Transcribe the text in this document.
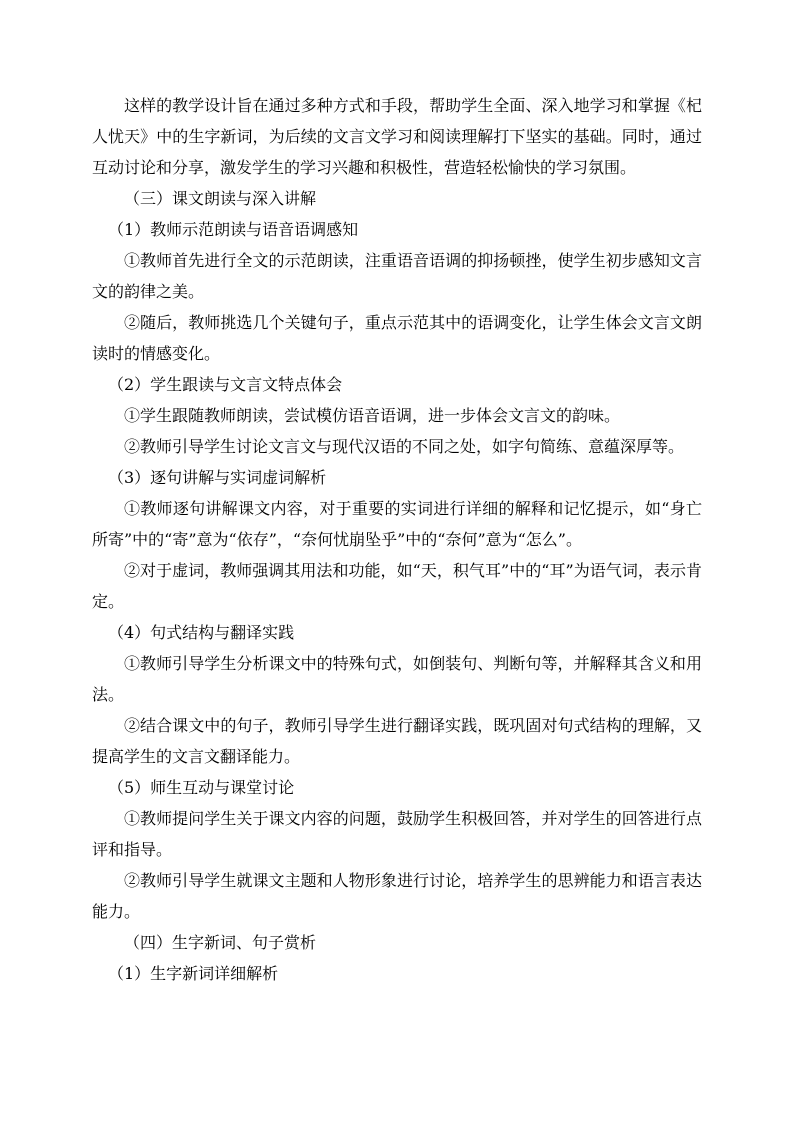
这样的教学设计旨在通过多种方式和手段，帮助学生全面、深入地学习和掌握《杞人忧天》中的生字新词，为后续的文言文学习和阅读理解打下坚实的基础。同时，通过互动讨论和分享，激发学生的学习兴趣和积极性，营造轻松愉快的学习氛围。

（三）课文朗读与深入讲解

（1）教师示范朗读与语音语调感知

①教师首先进行全文的示范朗读，注重语音语调的抑扬顿挫，使学生初步感知文言文的韵律之美。

②随后，教师挑选几个关键句子，重点示范其中的语调变化，让学生体会文言文朗读时的情感变化。

（2）学生跟读与文言文特点体会

①学生跟随教师朗读，尝试模仿语音语调，进一步体会文言文的韵味。

②教师引导学生讨论文言文与现代汉语的不同之处，如字句简练、意蕴深厚等。

（3）逐句讲解与实词虚词解析

①教师逐句讲解课文内容，对于重要的实词进行详细的解释和记忆提示，如“身亡所寄”中的“寄”意为“依存”，“奈何忧崩坠乎”中的“奈何”意为“怎么”。

②对于虚词，教师强调其用法和功能，如“天，积气耳”中的“耳”为语气词，表示肯定。

（4）句式结构与翻译实践

①教师引导学生分析课文中的特殊句式，如倒装句、判断句等，并解释其含义和用法。

②结合课文中的句子，教师引导学生进行翻译实践，既巩固对句式结构的理解，又提高学生的文言文翻译能力。

（5）师生互动与课堂讨论

①教师提问学生关于课文内容的问题，鼓励学生积极回答，并对学生的回答进行点评和指导。

②教师引导学生就课文主题和人物形象进行讨论，培养学生的思辨能力和语言表达能力。

（四）生字新词、句子赏析

（1）生字新词详细解析
